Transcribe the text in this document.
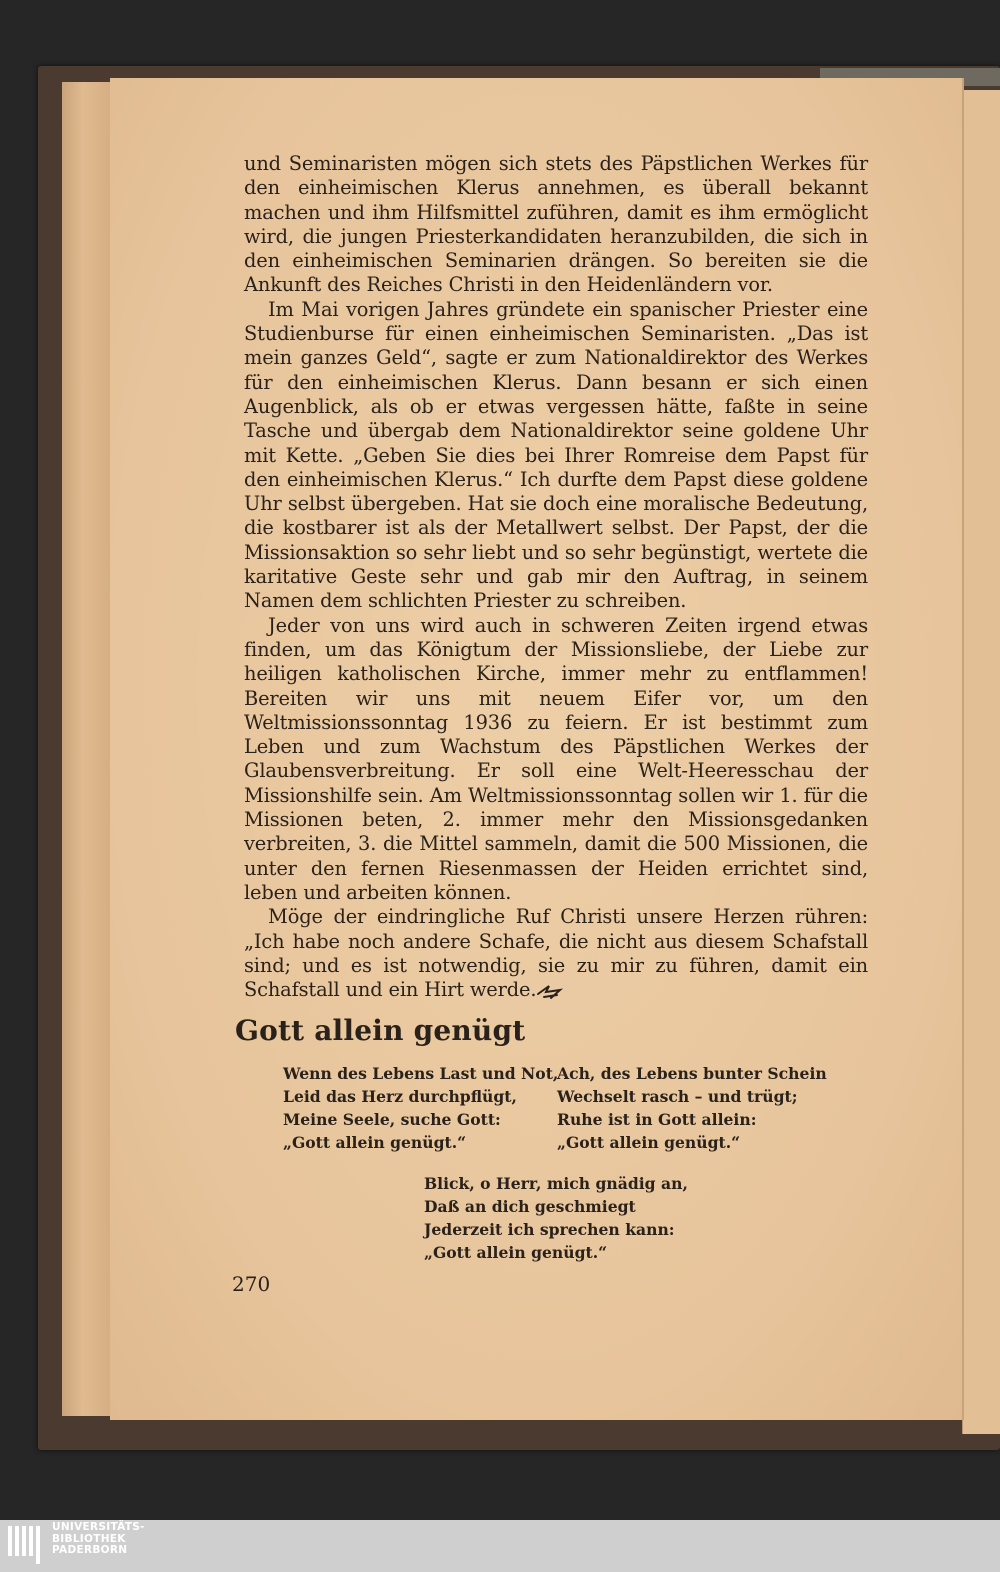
und Seminaristen mögen sich stets des Päpstlichen Werkes für den einheimischen Klerus annehmen, es überall bekannt machen und ihm Hilfsmittel zuführen, damit es ihm ermöglicht wird, die jungen Priesterkandidaten heranzubilden, die sich in den einheimischen Seminarien drängen. So bereiten sie die Ankunft des Reiches Christi in den Heidenländern vor.

Im Mai vorigen Jahres gründete ein spanischer Priester eine Studienburse für einen einheimischen Seminaristen. „Das ist mein ganzes Geld“, sagte er zum Nationaldirektor des Werkes für den einheimischen Klerus. Dann besann er sich einen Augenblick, als ob er etwas vergessen hätte, faßte in seine Tasche und übergab dem Nationaldirektor seine goldene Uhr mit Kette. „Geben Sie dies bei Ihrer Romreise dem Papst für den einheimischen Klerus.“ Ich durfte dem Papst diese goldene Uhr selbst übergeben. Hat sie doch eine moralische Bedeutung, die kostbarer ist als der Metallwert selbst. Der Papst, der die Missionsaktion so sehr liebt und so sehr begünstigt, wertete die karitative Geste sehr und gab mir den Auftrag, in seinem Namen dem schlichten Priester zu schreiben.

Jeder von uns wird auch in schweren Zeiten irgend etwas finden, um das Königtum der Missionsliebe, der Liebe zur heiligen katholischen Kirche, immer mehr zu entflammen! Bereiten wir uns mit neuem Eifer vor, um den Weltmissionssonntag 1936 zu feiern. Er ist bestimmt zum Leben und zum Wachstum des Päpstlichen Werkes der Glaubensverbreitung. Er soll eine Welt-Heeresschau der Missionshilfe sein. Am Weltmissionssonntag sollen wir 1. für die Missionen beten, 2. immer mehr den Missionsgedanken verbreiten, 3. die Mittel sammeln, damit die 500 Missionen, die unter den fernen Riesenmassen der Heiden errichtet sind, leben und arbeiten können.

Möge der eindringliche Ruf Christi unsere Herzen rühren: „Ich habe noch andere Schafe, die nicht aus diesem Schafstall sind; und es ist notwendig, sie zu mir zu führen, damit ein Schafstall und ein Hirt werde.

Gott allein genügt
Wenn des Lebens Last und Not,
Leid das Herz durchpflügt,
Meine Seele, suche Gott:
„Gott allein genügt.“
Ach, des Lebens bunter Schein
Wechselt rasch – und trügt;
Ruhe ist in Gott allein:
„Gott allein genügt.“
Blick, o Herr, mich gnädig an,
Daß an dich geschmiegt
Jederzeit ich sprechen kann:
„Gott allein genügt.“
270
UNIVERSITÄTS-
BIBLIOTHEK
PADERBORN
